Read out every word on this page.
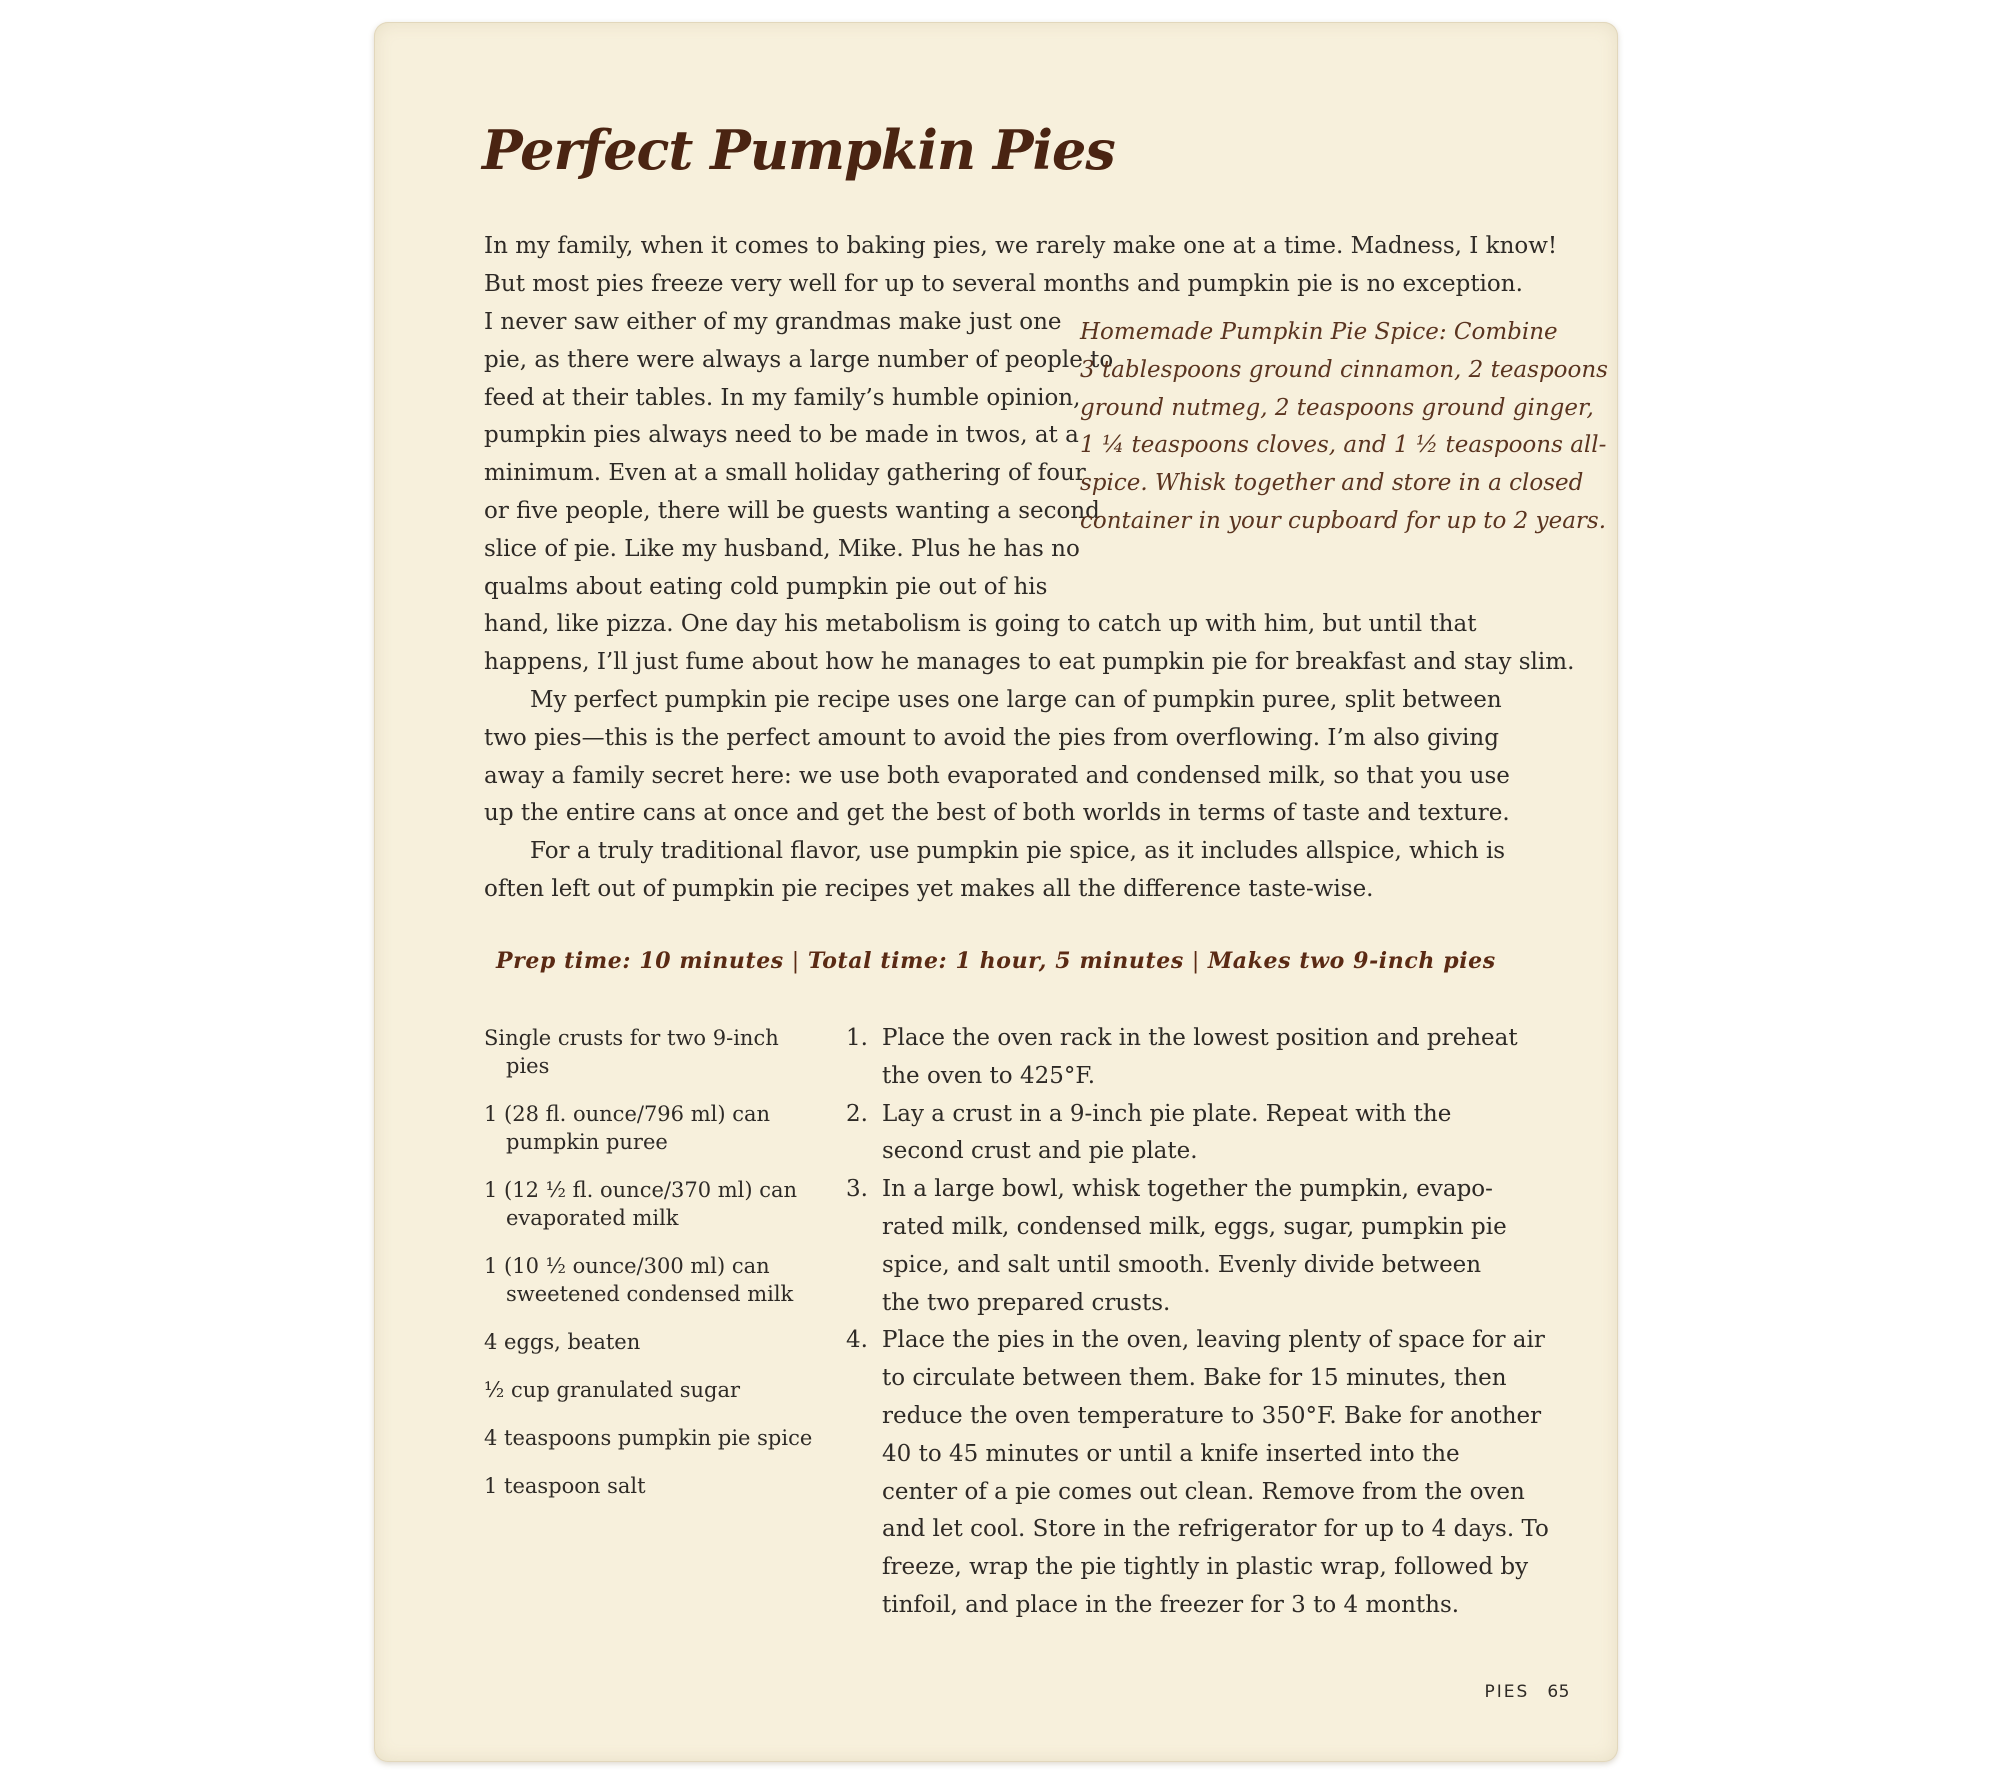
Perfect Pumpkin Pies
In my family, when it comes to baking pies, we rarely make one at a time. Madness, I know!
But most pies freeze very well for up to several months and pumpkin pie is no exception.
I never saw either of my grandmas make just one
pie, as there were always a large number of people to
feed at their tables. In my family’s humble opinion,
pumpkin pies always need to be made in twos, at a
minimum. Even at a small holiday gathering of four
or five people, there will be guests wanting a second
slice of pie. Like my husband, Mike. Plus he has no
qualms about eating cold pumpkin pie out of his
Homemade Pumpkin Pie Spice: Combine
3 tablespoons ground cinnamon, 2 teaspoons
ground nutmeg, 2 teaspoons ground ginger,
1 ¼ teaspoons cloves, and 1 ½ teaspoons all-
spice. Whisk together and store in a closed
container in your cupboard for up to 2 years.
hand, like pizza. One day his metabolism is going to catch up with him, but until that
happens, I’ll just fume about how he manages to eat pumpkin pie for breakfast and stay slim.
My perfect pumpkin pie recipe uses one large can of pumpkin puree, split between
two pies—this is the perfect amount to avoid the pies from overflowing. I’m also giving
away a family secret here: we use both evaporated and condensed milk, so that you use
up the entire cans at once and get the best of both worlds in terms of taste and texture.
For a truly traditional flavor, use pumpkin pie spice, as it includes allspice, which is
often left out of pumpkin pie recipes yet makes all the difference taste-wise.
Prep time: 10 minutes | Total time: 1 hour, 5 minutes | Makes two 9-inch pies
Single crusts for two 9-inch pies
1 (28 fl. ounce/796 ml) can pumpkin puree
1 (12 ½ fl. ounce/370 ml) can evaporated milk
1 (10 ½ ounce/300 ml) can sweetened condensed milk
4 eggs, beaten
½ cup granulated sugar
4 teaspoons pumpkin pie spice
1 teaspoon salt
1. Place the oven rack in the lowest position and preheat
the oven to 425°F.
2. Lay a crust in a 9-inch pie plate. Repeat with the
second crust and pie plate.
3. In a large bowl, whisk together the pumpkin, evapo-
rated milk, condensed milk, eggs, sugar, pumpkin pie
spice, and salt until smooth. Evenly divide between
the two prepared crusts.
4. Place the pies in the oven, leaving plenty of space for air
to circulate between them. Bake for 15 minutes, then
reduce the oven temperature to 350°F. Bake for another
40 to 45 minutes or until a knife inserted into the
center of a pie comes out clean. Remove from the oven
and let cool. Store in the refrigerator for up to 4 days. To
freeze, wrap the pie tightly in plastic wrap, followed by
tinfoil, and place in the freezer for 3 to 4 months.
PIES 65
